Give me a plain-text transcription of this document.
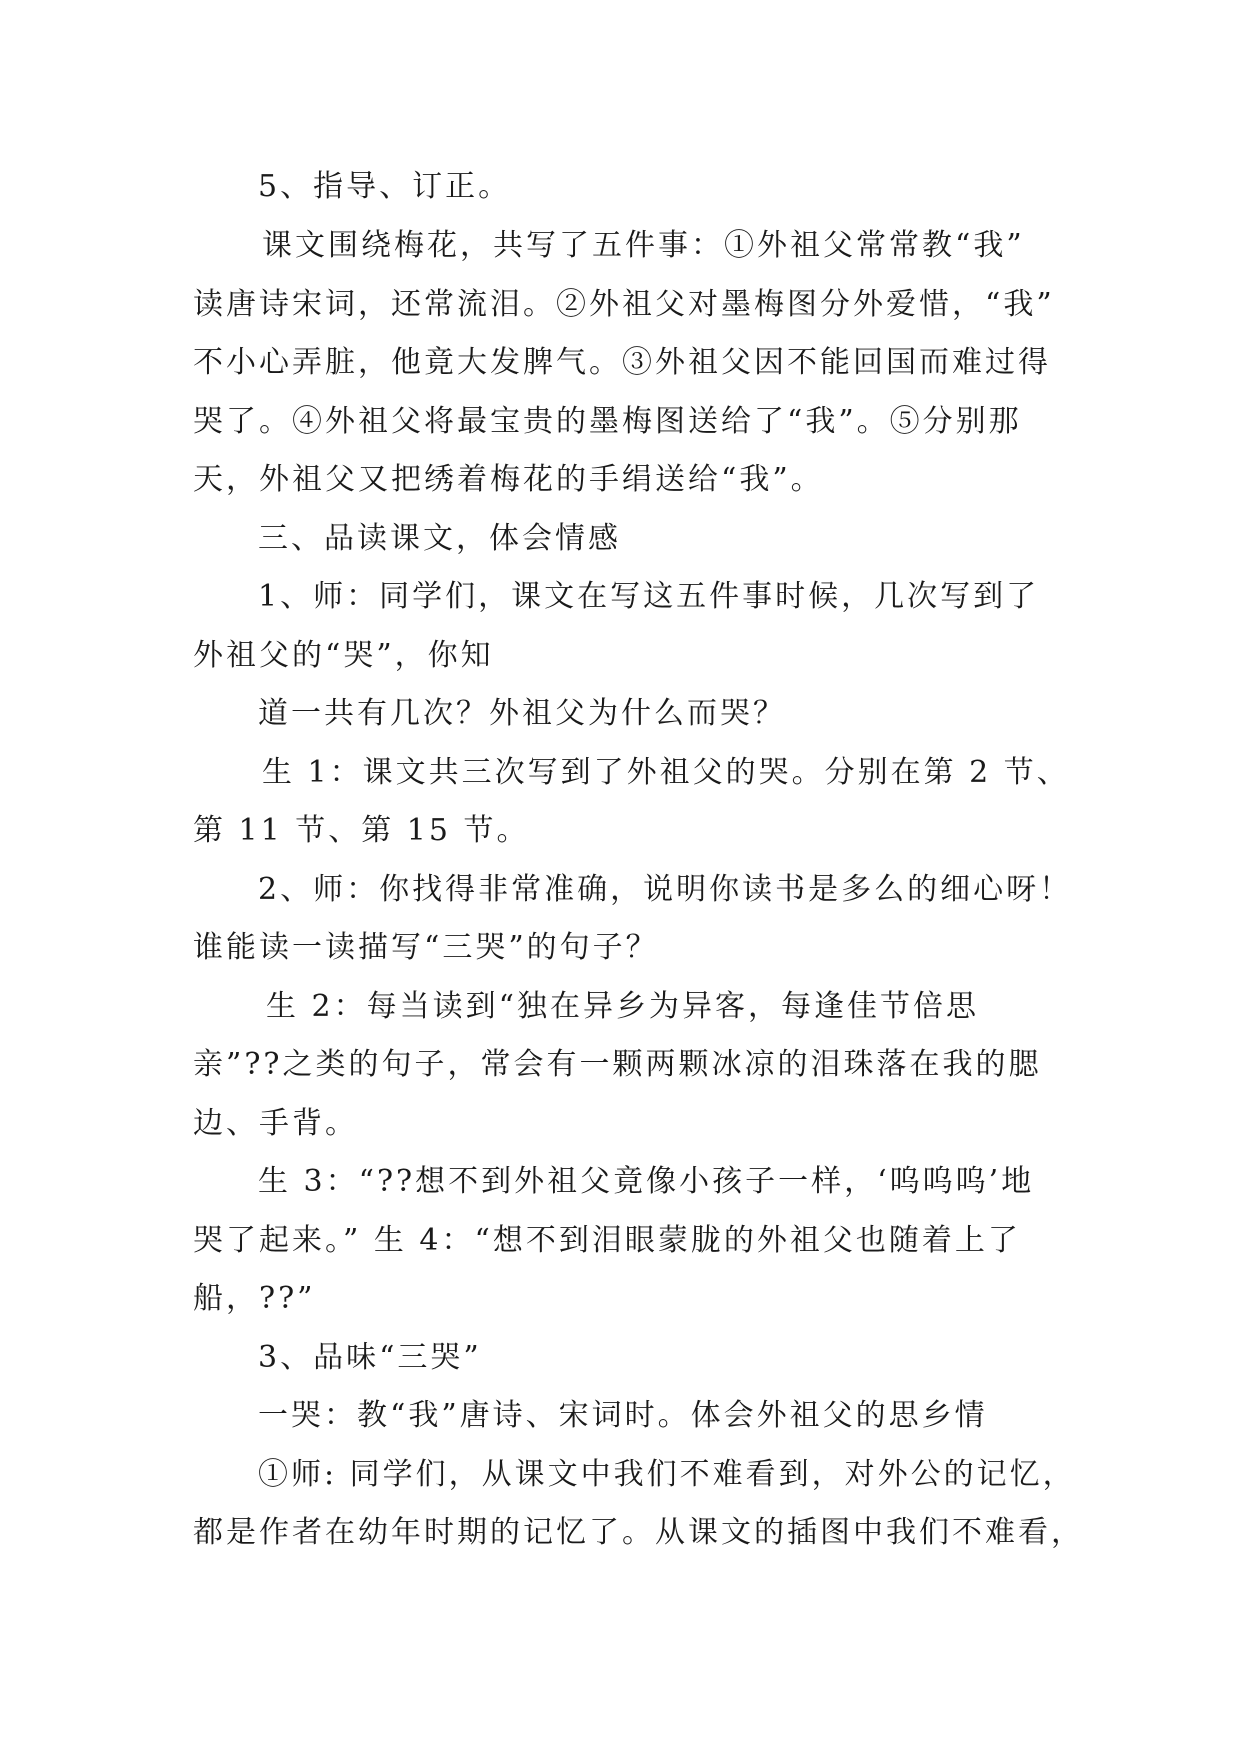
5、指导、订正。
课文围绕梅花，共写了五件事：①外祖父常常教“我”
读唐诗宋词，还常流泪。②外祖父对墨梅图分外爱惜，“我”
不小心弄脏，他竟大发脾气。③外祖父因不能回国而难过得
哭了。④外祖父将最宝贵的墨梅图送给了“我”。⑤分别那
天，外祖父又把绣着梅花的手绢送给“我”。
三、品读课文，体会情感
1、师：同学们，课文在写这五件事时候，几次写到了
外祖父的“哭”，你知
道一共有几次？外祖父为什么而哭？
生 1：课文共三次写到了外祖父的哭。分别在第 2 节、
第 11 节、第 15 节。
2、师：你找得非常准确，说明你读书是多么的细心呀！
谁能读一读描写“三哭”的句子？
生 2：每当读到“独在异乡为异客，每逢佳节倍思
亲”??之类的句子，常会有一颗两颗冰凉的泪珠落在我的腮
边、手背。
生 3：“??想不到外祖父竟像小孩子一样，‘呜呜呜’地
哭了起来。” 生 4：“想不到泪眼蒙胧的外祖父也随着上了
船，??”
3、品味“三哭”
一哭：教“我”唐诗、宋词时。体会外祖父的思乡情
①师: 同学们，从课文中我们不难看到，对外公的记忆，
都是作者在幼年时期的记忆了。从课文的插图中我们不难看，
